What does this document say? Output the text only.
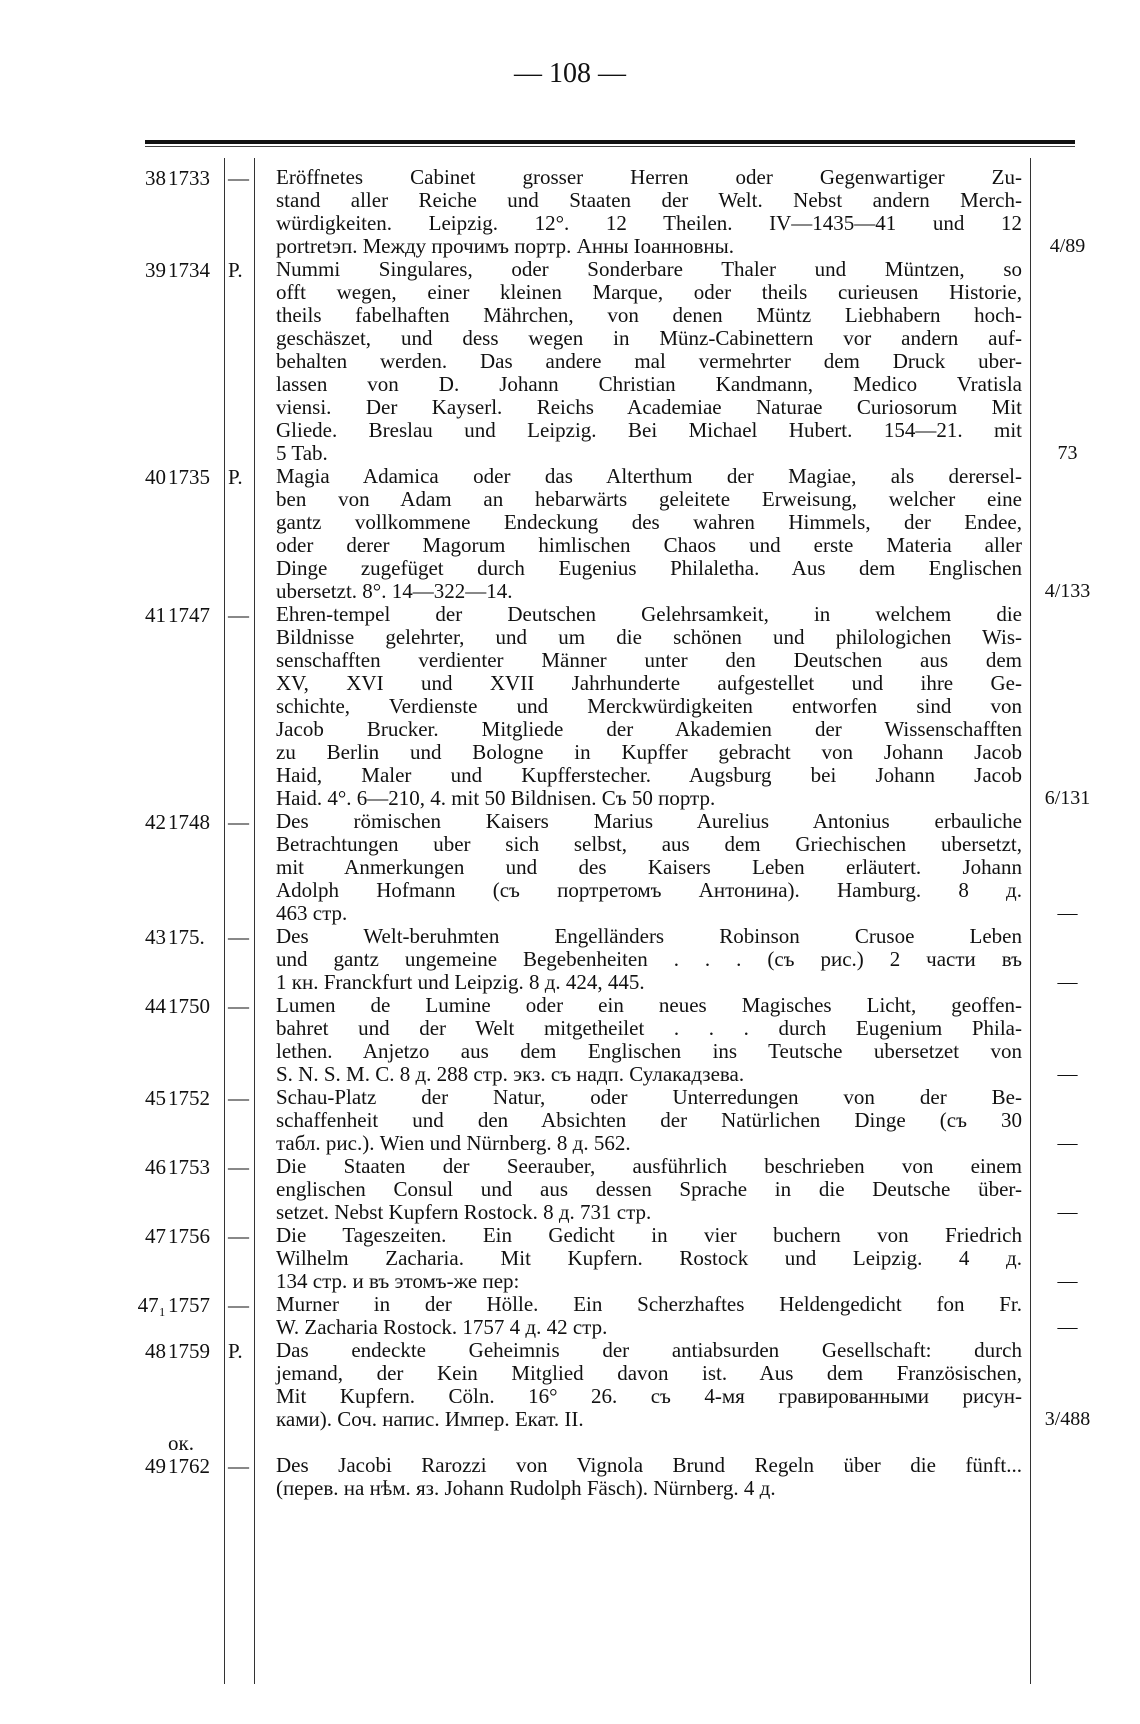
— 108 —
38 1733 — Eröffnetes Cabinet grosser Herren oder Gegenwartiger Zu-
stand aller Reiche und Staaten der Welt. Nebst andern Merch-
würdigkeiten. Leipzig. 12°. 12 Theilen. IV—1435—41 und 12
portretэп. Между прочимъ портр. Анны Іоанновны.	4/89
39 1734 P.	Nummi Singulares, oder Sonderbare Thaler und Müntzen, so
offt wegen, einer kleinen Marque, oder theils curieusen Historie,
theils fabelhaften Mährchen, von denen Müntz Liebhabern hoch-
geschäszet, und dess wegen in Münz-Cabinettern vor andern auf-
behalten werden. Das andere mal vermehrter dem Druck uber-
lassen von D. Johann Christian Kandmann, Medico Vratisla
viensi. Der Kayserl. Reichs Academiae Naturae Curiosorum Mit
Gliede. Breslau und Leipzig. Bei Michael Hubert. 154—21. mit
5 Tab.	73
40 1735 P.	Magia Adamica oder das Alterthum der Magiae, als derersel-
ben von Adam an hebarwärts geleitete Erweisung, welcher eine
gantz vollkommene Endeckung des wahren Himmels, der Endee,
oder derer Magorum himlischen Chaos und erste Materia aller
Dinge zugefüget durch Eugenius Philaletha. Aus dem Englischen
ubersetzt. 8°. 14—322—14.	4/133
41 1747 — Ehren-tempel der Deutschen Gelehrsamkeit, in welchem die
Bildnisse gelehrter, und um die schönen und philologichen Wis-
senschafften verdienter Männer unter den Deutschen aus dem
XV, XVI und XVII Jahrhunderte aufgestellet und ihre Ge-
schichte, Verdienste und Merckwürdigkeiten entworfen sind von
Jacob Brucker. Mitgliede der Akademien der Wissenschafften
zu Berlin und Bologne in Kupffer gebracht von Johann Jacob
Haid, Maler und Kupfferstecher. Augsburg bei Johann Jacob
Haid. 4°. 6—210, 4. mit 50 Bildnisen. Съ 50 портр.	6/131
42 1748 — Des römischen Kaisers Marius Aurelius Antonius erbauliche
Betrachtungen uber sich selbst, aus dem Griechischen ubersetzt,
mit Anmerkungen und des Kaisers Leben erläutert. Johann
Adolph Hofmann (съ портретомъ Антонина). Hamburg. 8 д.
463 стр.	—
43 175.	— Des Welt-beruhmten Engelländers Robinson Crusoe Leben
und gantz ungemeine Begebenheiten . . . (съ рис.) 2 части въ
1 кн. Franckfurt und Leipzig. 8 д. 424, 445.	—
44 1750 — Lumen de Lumine oder ein neues Magisches Licht, geoffen-
bahret und der Welt mitgetheilet . . . durch Eugenium Phila-
lethen. Anjetzo aus dem Englischen ins Teutsche ubersetzet von
S. N. S. M. C. 8 д. 288 стр. экз. съ надп. Сулакадзева.	—
45 1752 — Schau-Platz der Natur, oder Unterredungen von der Be-
schaffenheit und den Absichten der Natürlichen Dinge (съ 30
табл. рис.). Wien und Nürnberg. 8 д. 562.	—
46 1753 — Die Staaten der Seerauber, ausführlich beschrieben von einem
englischen Consul und aus dessen Sprache in die Deutsche über-
setzet. Nebst Kupfern Rostock. 8 д. 731 стр.	—
47 1756 — Die Tageszeiten. Ein Gedicht in vier buchern von Friedrich
Wilhelm Zacharia. Mit Kupfern. Rostock und Leipzig. 4 д.
134 стр. и въ этомъ-же пер:	—
47₁ 1757 — Murner in der Hölle. Ein Scherzhaftes Heldengedicht fon Fr.
W. Zacharia Rostock. 1757 4 д. 42 стр.	—
48 1759 P.	Das endeckte Geheimnis der antiabsurden Gesellschaft: durch
jemand, der Kein Mitglied davon ist. Aus dem Französischen,
Mit Kupfern. Cöln. 16° 26. съ 4-мя гравированными рисун-
ками). Соч. напис. Импер. Екат. II.	3/488
ок.
49 1762 — Des Jacobi Rarozzi von Vignola Brund Regeln über die fünft...
(перев. на нѣм. яз. Johann Rudolph Fäsch). Nürnberg. 4 д.
